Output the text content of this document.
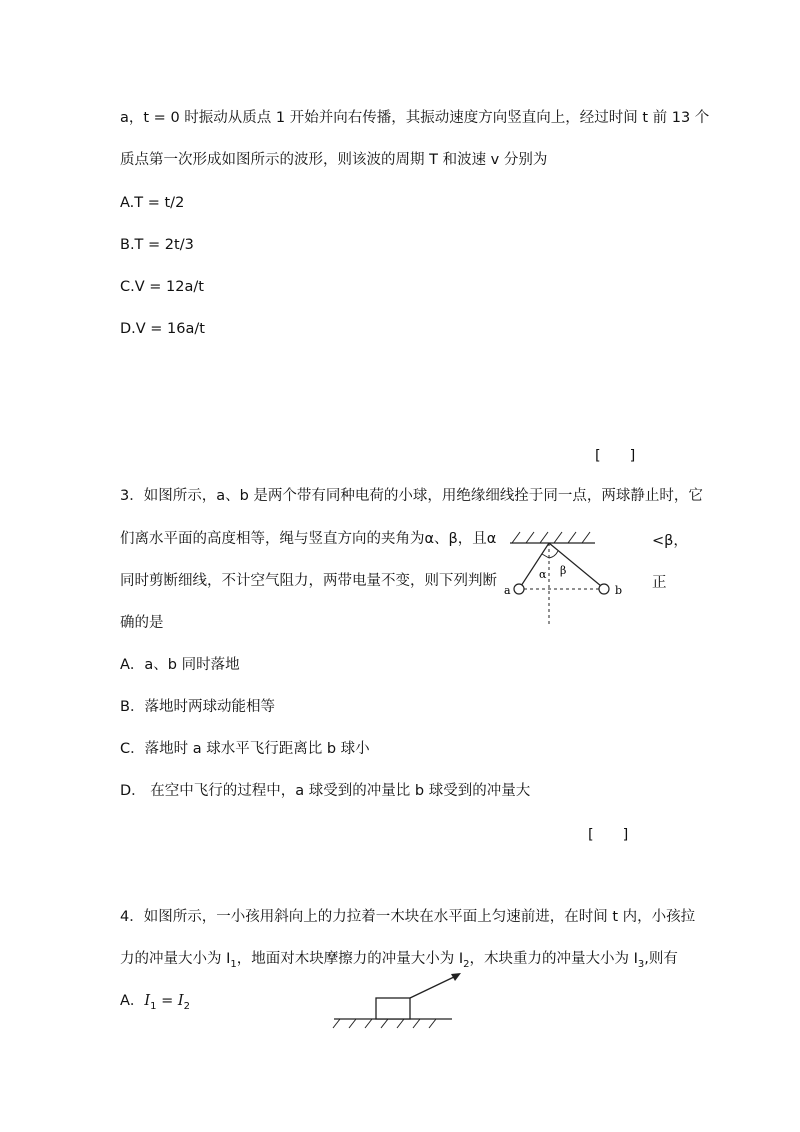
a，t = 0 时振动从质点 1 开始并向右传播，其振动速度方向竖直向上，经过时间 t 前 13 个
质点第一次形成如图所示的波形，则该波的周期 T 和波速 v 分别为
A.T = t/2
B.T = 2t/3
C.V = 12a/t
D.V = 16a/t
[　　]
3．如图所示，a、b 是两个带有同种电荷的小球，用绝缘细线拴于同一点，两球静止时，它
们离水平面的高度相等，绳与竖直方向的夹角为α、β，且α	<β，
同时剪断细线，不计空气阻力，两带电量不变，则下列判断	正
确的是
a	b
α β
A．a、b 同时落地
B．落地时两球动能相等
C．落地时 a 球水平飞行距离比 b 球小
D． 在空中飞行的过程中，a 球受到的冲量比 b 球受到的冲量大
[　　]
4．如图所示，一小孩用斜向上的力拉着一木块在水平面上匀速前进，在时间 t 内，小孩拉
力的冲量大小为 $I_1$，地面对木块摩擦力的冲量大小为 $I_2$，木块重力的冲量大小为 $I_3$,则有
A．$I_1 = I_2$
